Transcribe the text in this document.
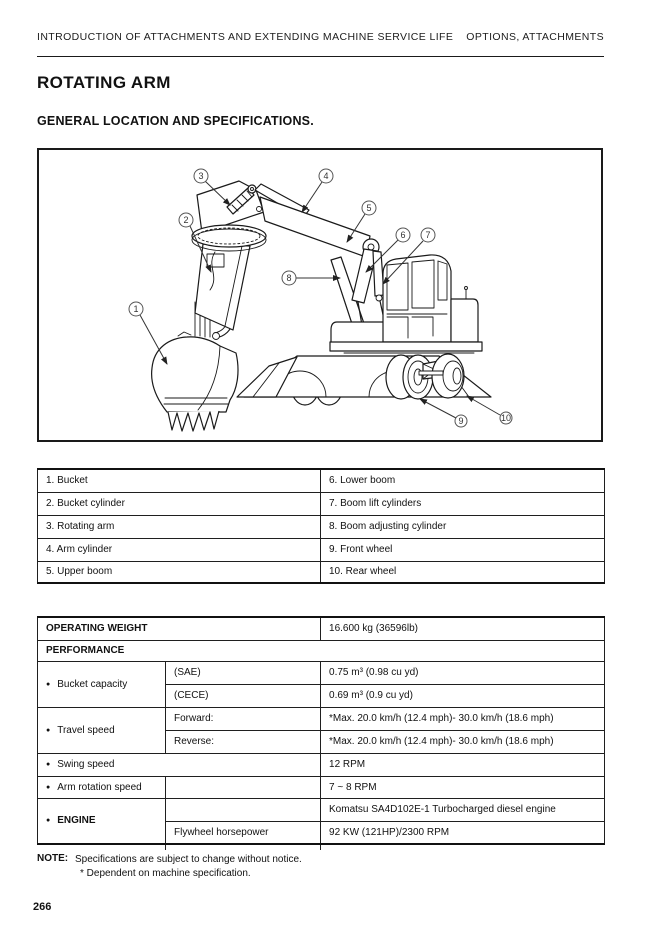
INTRODUCTION OF ATTACHMENTS AND EXTENDING MACHINE SERVICE LIFE OPTIONS, ATTACHMENTS
ROTATING ARM
GENERAL LOCATION AND SPECIFICATIONS.
1
2
3	4
5
6 7
8
9	10
1. Bucket	6. Lower boom
2. Bucket cylinder	7. Boom lift cylinders
3. Rotating arm	8. Boom adjusting cylinder
4. Arm cylinder	9. Front wheel
5. Upper boom	10. Rear wheel
OPERATING WEIGHT		16.600 kg (36596lb)
PERFORMANCE		
● Bucket capacity	(SAE)	0.75 m³ (0.98 cu yd)
	(CECE)	0.69 m³ (0.9 cu yd)
● Travel speed	Forward:	*Max. 20.0 km/h (12.4 mph)- 30.0 km/h (18.6 mph)
	Reverse:	*Max. 20.0 km/h (12.4 mph)- 30.0 km/h (18.6 mph)
● Swing speed		12 RPM
● Arm rotation speed		7 ~ 8 RPM
● ENGINE		Komatsu SA4D102E-1 Turbocharged diesel engine
	Flywheel horsepower	92 KW (121HP)/2300 RPM
NOTE: Specifications are subject to change without notice.
* Dependent on machine specification.
266
